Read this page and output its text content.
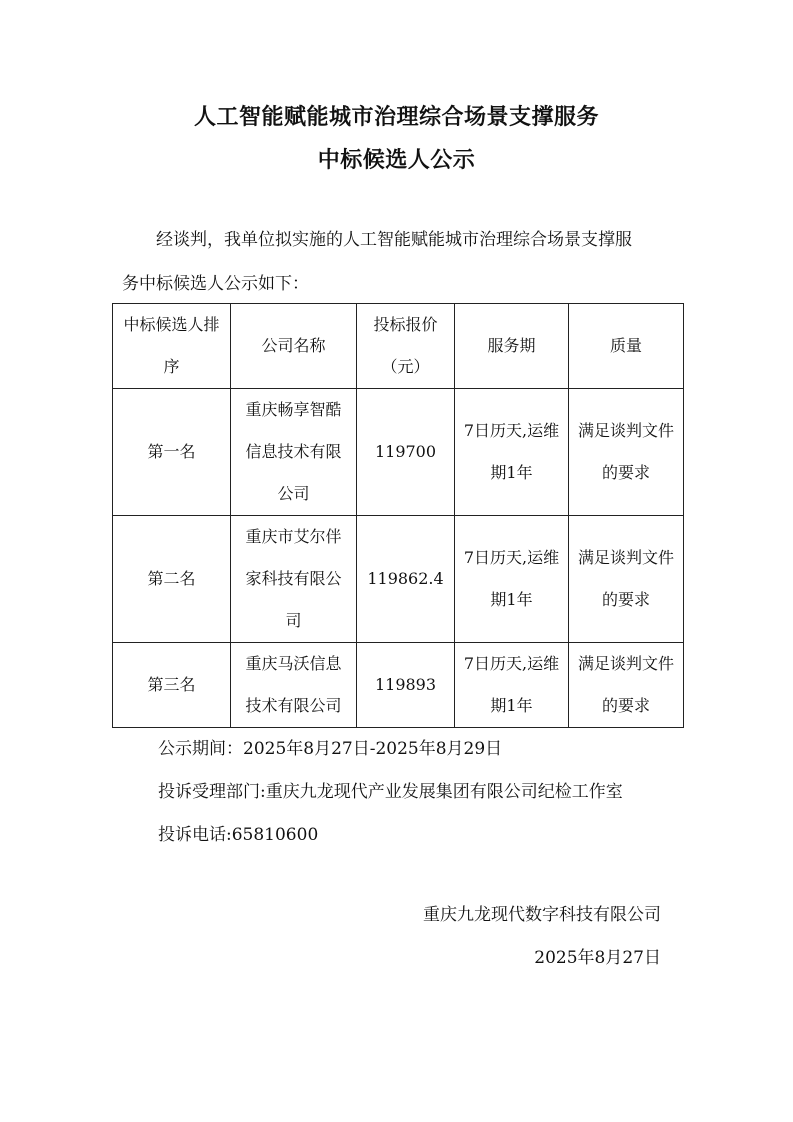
人工智能赋能城市治理综合场景支撑服务
中标候选人公示
经谈判，我单位拟实施的人工智能赋能城市治理综合场景支撑服
务中标候选人公示如下：
中标候选人排序	公司名称	投标报价（元）	服务期	质量
第一名	重庆畅享智酷信息技术有限公司	119700	7日历天,运维期1年	满足谈判文件的要求
第二名	重庆市艾尔伴家科技有限公司	119862.4	7日历天,运维期1年	满足谈判文件的要求
第三名	重庆马沃信息技术有限公司	119893	7日历天,运维期1年	满足谈判文件的要求
公示期间：2025年8月27日-2025年8月29日
投诉受理部门:重庆九龙现代产业发展集团有限公司纪检工作室
投诉电话:65810600
重庆九龙现代数字科技有限公司
2025年8月27日
